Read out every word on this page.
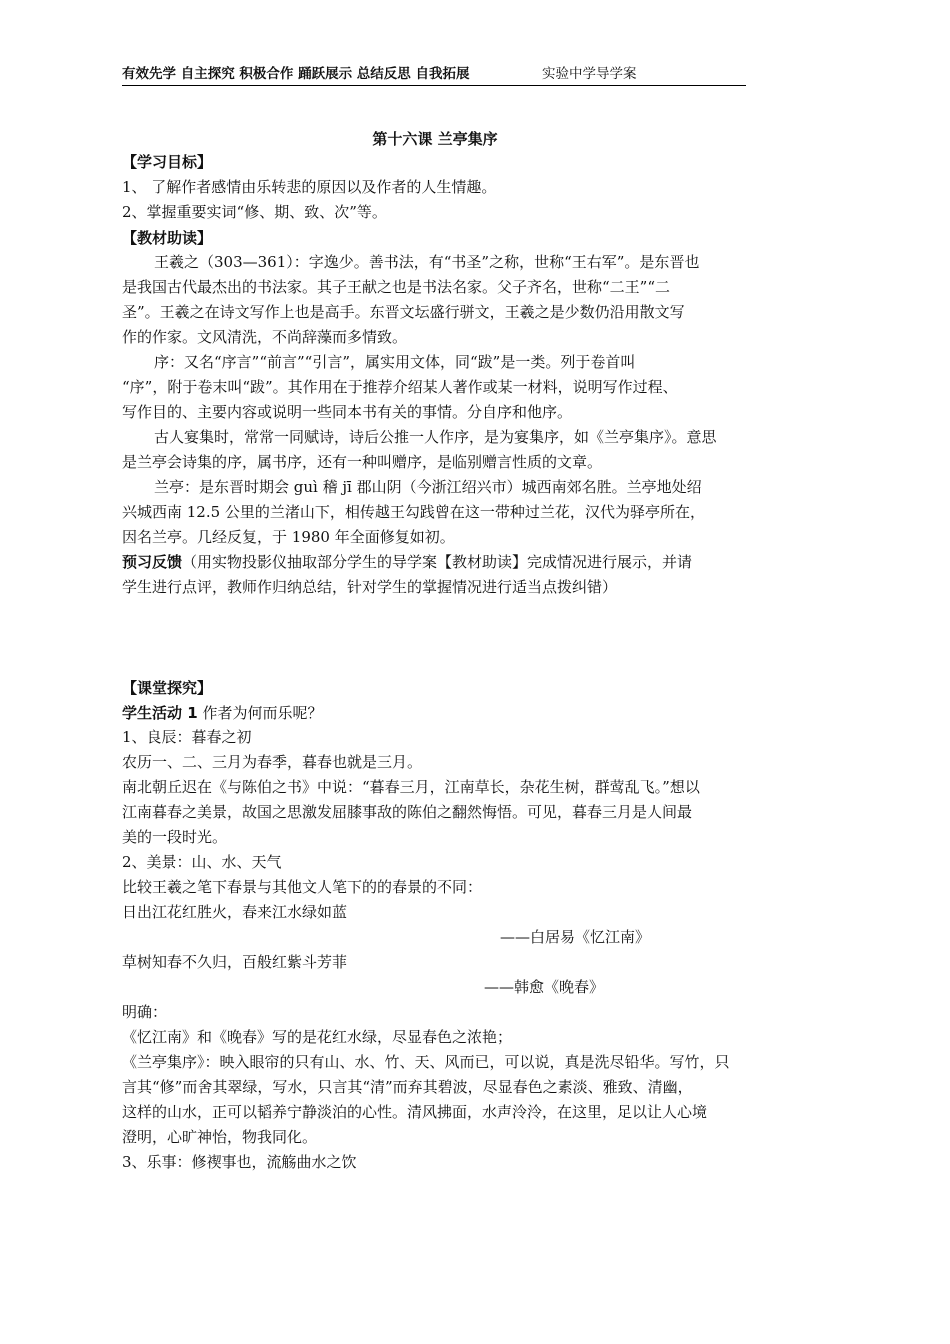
有效先学 自主探究 积极合作 踊跃展示 总结反思 自我拓展	实验中学导学案
第十六课 兰亭集序
【学习目标】
1、 了解作者感情由乐转悲的原因以及作者的人生情趣。
2、掌握重要实词“修、期、致、次”等。
【教材助读】
王羲之（303—361）：字逸少。善书法，有“书圣”之称，世称“王右军”。是东晋也
是我国古代最杰出的书法家。其子王献之也是书法名家。父子齐名，世称“二王”“二
圣”。王羲之在诗文写作上也是高手。东晋文坛盛行骈文，王羲之是少数仍沿用散文写
作的作家。文风清洗，不尚辞藻而多情致。
序：又名“序言”“前言”“引言”，属实用文体，同“跋”是一类。列于卷首叫
“序”，附于卷末叫“跋”。其作用在于推荐介绍某人著作或某一材料，说明写作过程、
写作目的、主要内容或说明一些同本书有关的事情。分自序和他序。
古人宴集时，常常一同赋诗，诗后公推一人作序，是为宴集序，如《兰亭集序》。意思
是兰亭会诗集的序，属书序，还有一种叫赠序，是临别赠言性质的文章。
兰亭：是东晋时期会 guì 稽 jī 郡山阴（今浙江绍兴市）城西南郊名胜。兰亭地处绍
兴城西南 12.5 公里的兰渚山下，相传越王勾践曾在这一带种过兰花，汉代为驿亭所在，
因名兰亭。几经反复，于 1980 年全面修复如初。
预习反馈（用实物投影仪抽取部分学生的导学案【教材助读】完成情况进行展示，并请
学生进行点评，教师作归纳总结，针对学生的掌握情况进行适当点拨纠错）
【课堂探究】
学生活动 1 作者为何而乐呢？
1、良辰：暮春之初
农历一、二、三月为春季，暮春也就是三月。
南北朝丘迟在《与陈伯之书》中说：“暮春三月，江南草长，杂花生树，群莺乱飞。”想以
江南暮春之美景，故国之思激发屈膝事敌的陈伯之翻然悔悟。可见，暮春三月是人间最
美的一段时光。
2、美景：山、水、天气
比较王羲之笔下春景与其他文人笔下的的春景的不同：
日出江花红胜火，春来江水绿如蓝
——白居易《忆江南》
草树知春不久归，百般红紫斗芳菲
——韩愈《晚春》
明确：
《忆江南》和《晚春》写的是花红水绿，尽显春色之浓艳；
《兰亭集序》：映入眼帘的只有山、水、竹、天、风而已，可以说，真是洗尽铅华。写竹，只
言其“修”而舍其翠绿，写水，只言其“清”而弃其碧波，尽显春色之素淡、雅致、清幽，
这样的山水，正可以韬养宁静淡泊的心性。清风拂面，水声泠泠，在这里，足以让人心境
澄明，心旷神怡，物我同化。
3、乐事：修禊事也，流觞曲水之饮
